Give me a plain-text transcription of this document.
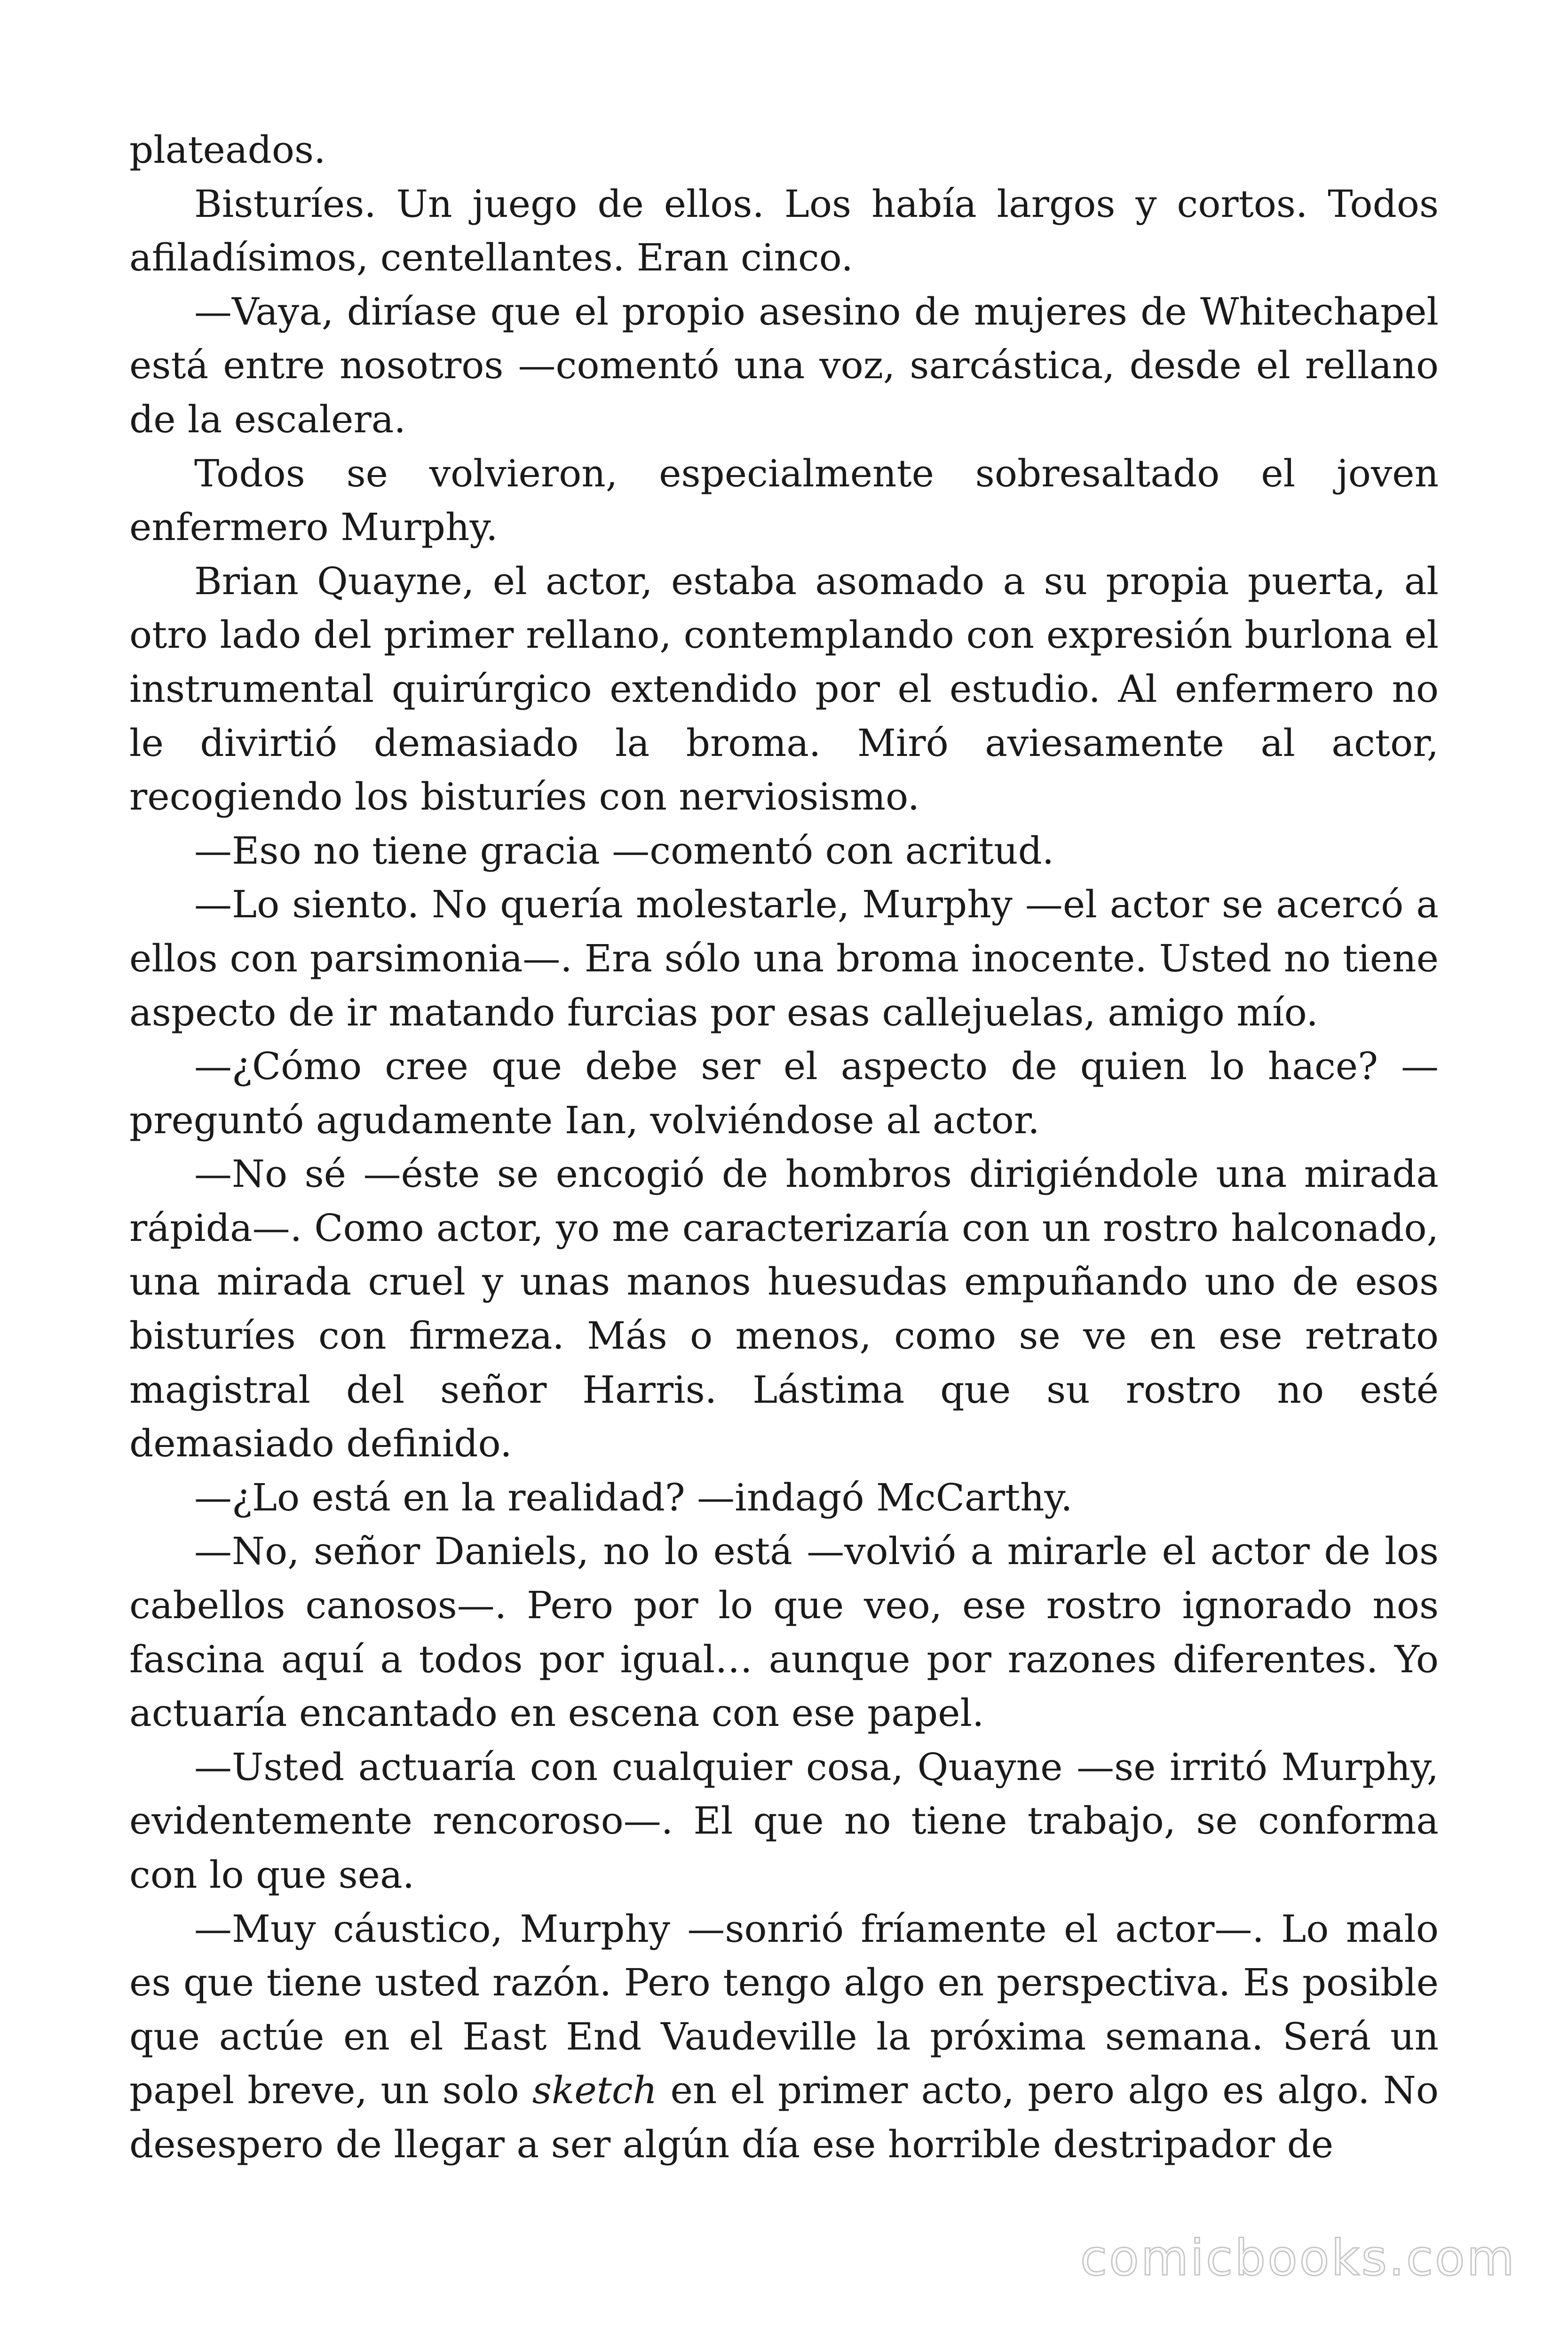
plateados.

Bisturíes. Un juego de ellos. Los había largos y cortos. Todos afiladísimos, centellantes. Eran cinco.

—Vaya, diríase que el propio asesino de mujeres de Whitechapel está entre nosotros —comentó una voz, sarcástica, desde el rellano de la escalera.

Todos se volvieron, especialmente sobresaltado el joven enfermero Murphy.

Brian Quayne, el actor, estaba asomado a su propia puerta, al otro lado del primer rellano, contemplando con expresión burlona el instrumental quirúrgico extendido por el estudio. Al enfermero no le divirtió demasiado la broma. Miró aviesamente al actor, recogiendo los bisturíes con nerviosismo.

—Eso no tiene gracia —comentó con acritud.

—Lo siento. No quería molestarle, Murphy —el actor se acercó a ellos con parsimonia—. Era sólo una broma inocente. Usted no tiene aspecto de ir matando furcias por esas callejuelas, amigo mío.

—¿Cómo cree que debe ser el aspecto de quien lo hace? —preguntó agudamente Ian, volviéndose al actor.

—No sé —éste se encogió de hombros dirigiéndole una mirada rápida—. Como actor, yo me caracterizaría con un rostro halconado, una mirada cruel y unas manos huesudas empuñando uno de esos bisturíes con firmeza. Más o menos, como se ve en ese retrato magistral del señor Harris. Lástima que su rostro no esté demasiado definido.

—¿Lo está en la realidad? —indagó McCarthy.

—No, señor Daniels, no lo está —volvió a mirarle el actor de los cabellos canosos—. Pero por lo que veo, ese rostro ignorado nos fascina aquí a todos por igual… aunque por razones diferentes. Yo actuaría encantado en escena con ese papel.

—Usted actuaría con cualquier cosa, Quayne —se irritó Murphy, evidentemente rencoroso—. El que no tiene trabajo, se conforma con lo que sea.

—Muy cáustico, Murphy —sonrió fríamente el actor—. Lo malo es que tiene usted razón. Pero tengo algo en perspectiva. Es posible que actúe en el East End Vaudeville la próxima semana. Será un papel breve, un solo sketch en el primer acto, pero algo es algo. No desespero de llegar a ser algún día ese horrible destripador de

comicbooks.com
